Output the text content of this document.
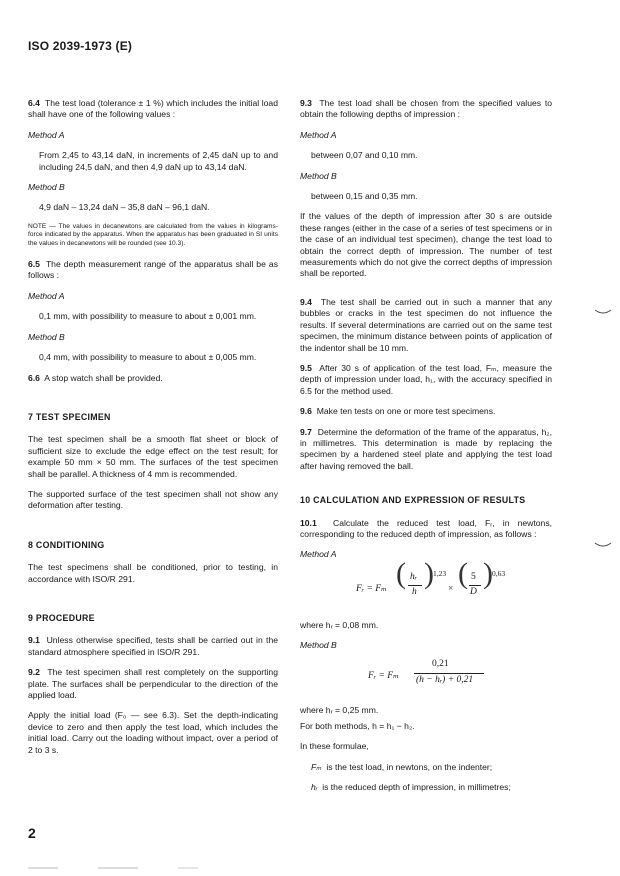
ISO 2039-1973 (E)

6.4 The test load (tolerance ± 1 %) which includes the initial load shall have one of the following values :

Method A

From 2,45 to 43,14 daN, in increments of 2,45 daN up to and including 24,5 daN, and then 4,9 daN up to 43,14 daN.

Method B

4,9 daN – 13,24 daN – 35,8 daN – 96,1 daN.

NOTE — The values in decanewtons are calculated from the values in kilograms-force indicated by the apparatus. When the apparatus has been graduated in SI units the values in decanewtons will be rounded (see 10.3).

6.5 The depth measurement range of the apparatus shall be as follows :

Method A

0,1 mm, with possibility to measure to about ± 0,001 mm.

Method B

0,4 mm, with possibility to measure to about ± 0,005 mm.

6.6 A stop watch shall be provided.

7 TEST SPECIMEN

The test specimen shall be a smooth flat sheet or block of sufficient size to exclude the edge effect on the test result; for example 50 mm × 50 mm. The surfaces of the test specimen shall be parallel. A thickness of 4 mm is recommended.

The supported surface of the test specimen shall not show any deformation after testing.

8 CONDITIONING

The test specimens shall be conditioned, prior to testing, in accordance with ISO/R 291.

9 PROCEDURE

9.1 Unless otherwise specified, tests shall be carried out in the standard atmosphere specified in ISO/R 291.

9.2 The test specimen shall rest completely on the supporting plate. The surfaces shall be perpendicular to the direction of the applied load.

Apply the initial load (F₀ — see 6.3). Set the depth-indicating device to zero and then apply the test load, which includes the initial load. Carry out the loading without impact, over a period of 2 to 3 s.

9.3 The test load shall be chosen from the specified values to obtain the following depths of impression :

Method A

between 0,07 and 0,10 mm.

Method B

between 0,15 and 0,35 mm.

If the values of the depth of impression after 30 s are outside these ranges (either in the case of a series of test specimens or in the case of an individual test specimen), change the test load to obtain the correct depth of impression. The number of test measurements which do not give the correct depths of impression shall be reported.

9.4 The test shall be carried out in such a manner that any bubbles or cracks in the test specimen do not influence the results. If several determinations are carried out on the same test specimen, the minimum distance between points of application of the indentor shall be 10 mm.

9.5 After 30 s of application of the test load, Fₘ, measure the depth of impression under load, h₁, with the accuracy specified in 6.5 for the method used.

9.6 Make ten tests on one or more test specimens.

9.7 Determine the deformation of the frame of the apparatus, h₂, in millimetres. This determination is made by replacing the specimen by a hardened steel plate and applying the test load after having removed the ball.

10 CALCULATION AND EXPRESSION OF RESULTS

10.1 Calculate the reduced test load, Fᵣ, in newtons, corresponding to the reduced depth of impression, as follows :

Method A
Fᵣ = Fₘ ( hᵣ
h
) 1,23
× ( 5
D
) 0,63

where hᵣ = 0,08 mm.

Method B
Fᵣ = Fₘ
0,21
(h − hᵣ) + 0,21

where hᵣ = 0,25 mm.

For both methods, h = h₁ − h₂.

In these formulae,

Fₘ is the test load, in newtons, on the indenter;

hᵣ is the reduced depth of impression, in millimetres;

2
